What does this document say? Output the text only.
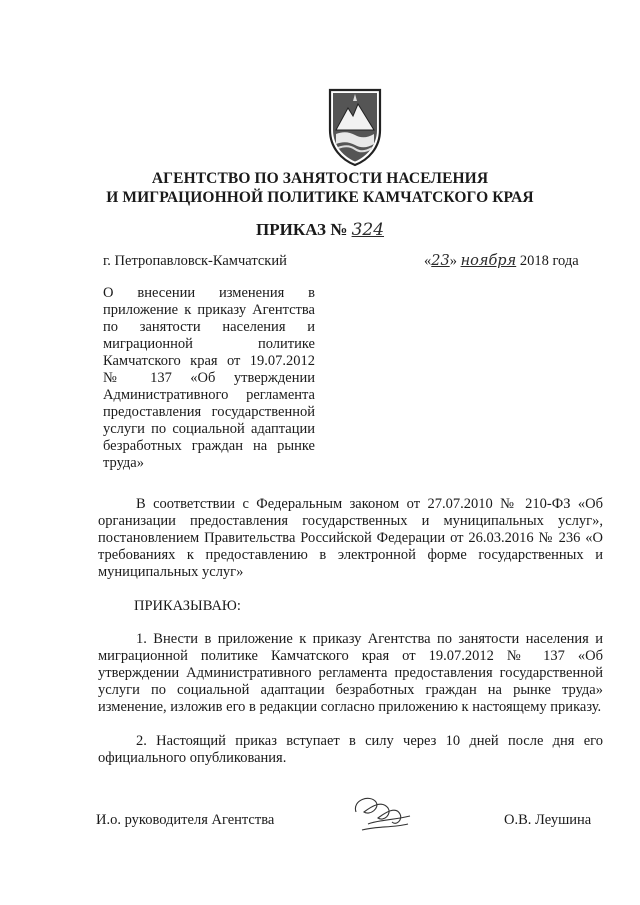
АГЕНТСТВО ПО ЗАНЯТОСТИ НАСЕЛЕНИЯ
И МИГРАЦИОННОЙ ПОЛИТИКЕ КАМЧАТСКОГО КРАЯ
ПРИКАЗ № 324
г. Петропавловск-Камчатский	«23» ноября 2018 года
О внесении изменения в приложение к приказу Агентства по занятости населения и миграционной политике Камчатского края от 19.07.2012 № 137 «Об утверждении Административного регламента предоставления государственной услуги по социальной адаптации безработных граждан на рынке труда»
В соответствии с Федеральным законом от 27.07.2010 № 210-ФЗ «Об организации предоставления государственных и муниципальных услуг», постановлением Правительства Российской Федерации от 26.03.2016 № 236 «О требованиях к предоставлению в электронной форме государственных и муниципальных услуг»
ПРИКАЗЫВАЮ:
1. Внести в приложение к приказу Агентства по занятости населения и миграционной политике Камчатского края от 19.07.2012 № 137 «Об утверждении Административного регламента предоставления государственной услуги по социальной адаптации безработных граждан на рынке труда» изменение, изложив его в редакции согласно приложению к настоящему приказу.
2. Настоящий приказ вступает в силу через 10 дней после дня его официального опубликования.
И.о. руководителя Агентства	О.В. Леушина
